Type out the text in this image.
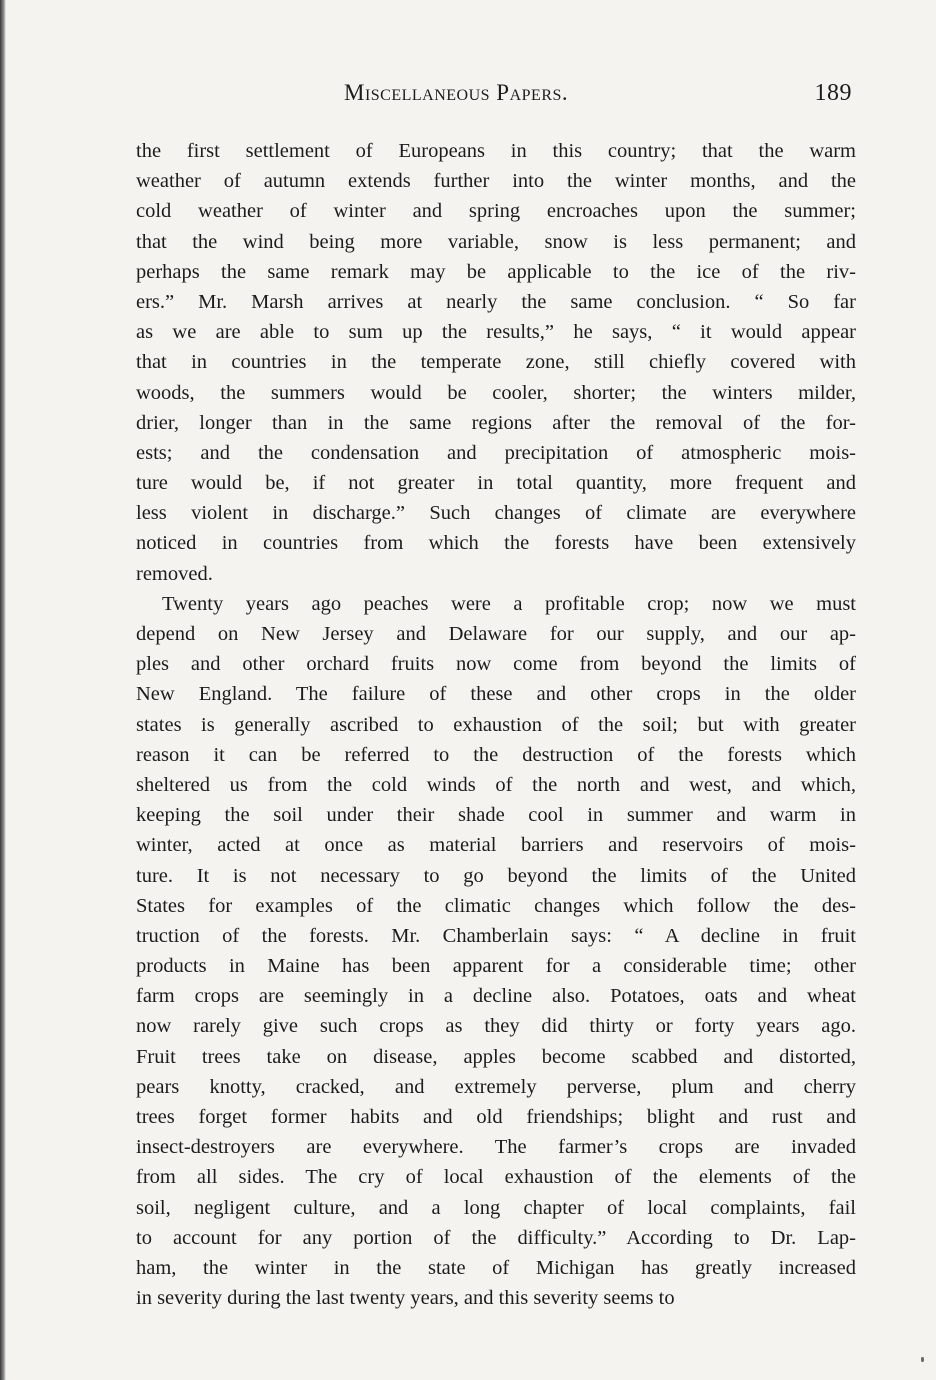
Miscellaneous Papers.	189
the first settlement of Europeans in this country; that the warm
weather of autumn extends further into the winter months, and the
cold weather of winter and spring encroaches upon the summer;
that the wind being more variable, snow is less permanent; and
perhaps the same remark may be applicable to the ice of the riv-
ers.” Mr. Marsh arrives at nearly the same conclusion. “ So far
as we are able to sum up the results,” he says, “ it would appear
that in countries in the temperate zone, still chiefly covered with
woods, the summers would be cooler, shorter; the winters milder,
drier, longer than in the same regions after the removal of the for-
ests; and the condensation and precipitation of atmospheric mois-
ture would be, if not greater in total quantity, more frequent and
less violent in discharge.” Such changes of climate are everywhere
noticed in countries from which the forests have been extensively
removed.
Twenty years ago peaches were a profitable crop; now we must
depend on New Jersey and Delaware for our supply, and our ap-
ples and other orchard fruits now come from beyond the limits of
New England. The failure of these and other crops in the older
states is generally ascribed to exhaustion of the soil; but with greater
reason it can be referred to the destruction of the forests which
sheltered us from the cold winds of the north and west, and which,
keeping the soil under their shade cool in summer and warm in
winter, acted at once as material barriers and reservoirs of mois-
ture. It is not necessary to go beyond the limits of the United
States for examples of the climatic changes which follow the des-
truction of the forests. Mr. Chamberlain says: “ A decline in fruit
products in Maine has been apparent for a considerable time; other
farm crops are seemingly in a decline also. Potatoes, oats and wheat
now rarely give such crops as they did thirty or forty years ago.
Fruit trees take on disease, apples become scabbed and distorted,
pears knotty, cracked, and extremely perverse, plum and cherry
trees forget former habits and old friendships; blight and rust and
insect-destroyers are everywhere. The farmer’s crops are invaded
from all sides. The cry of local exhaustion of the elements of the
soil, negligent culture, and a long chapter of local complaints, fail
to account for any portion of the difficulty.” According to Dr. Lap-
ham, the winter in the state of Michigan has greatly increased
in severity during the last twenty years, and this severity seems to
